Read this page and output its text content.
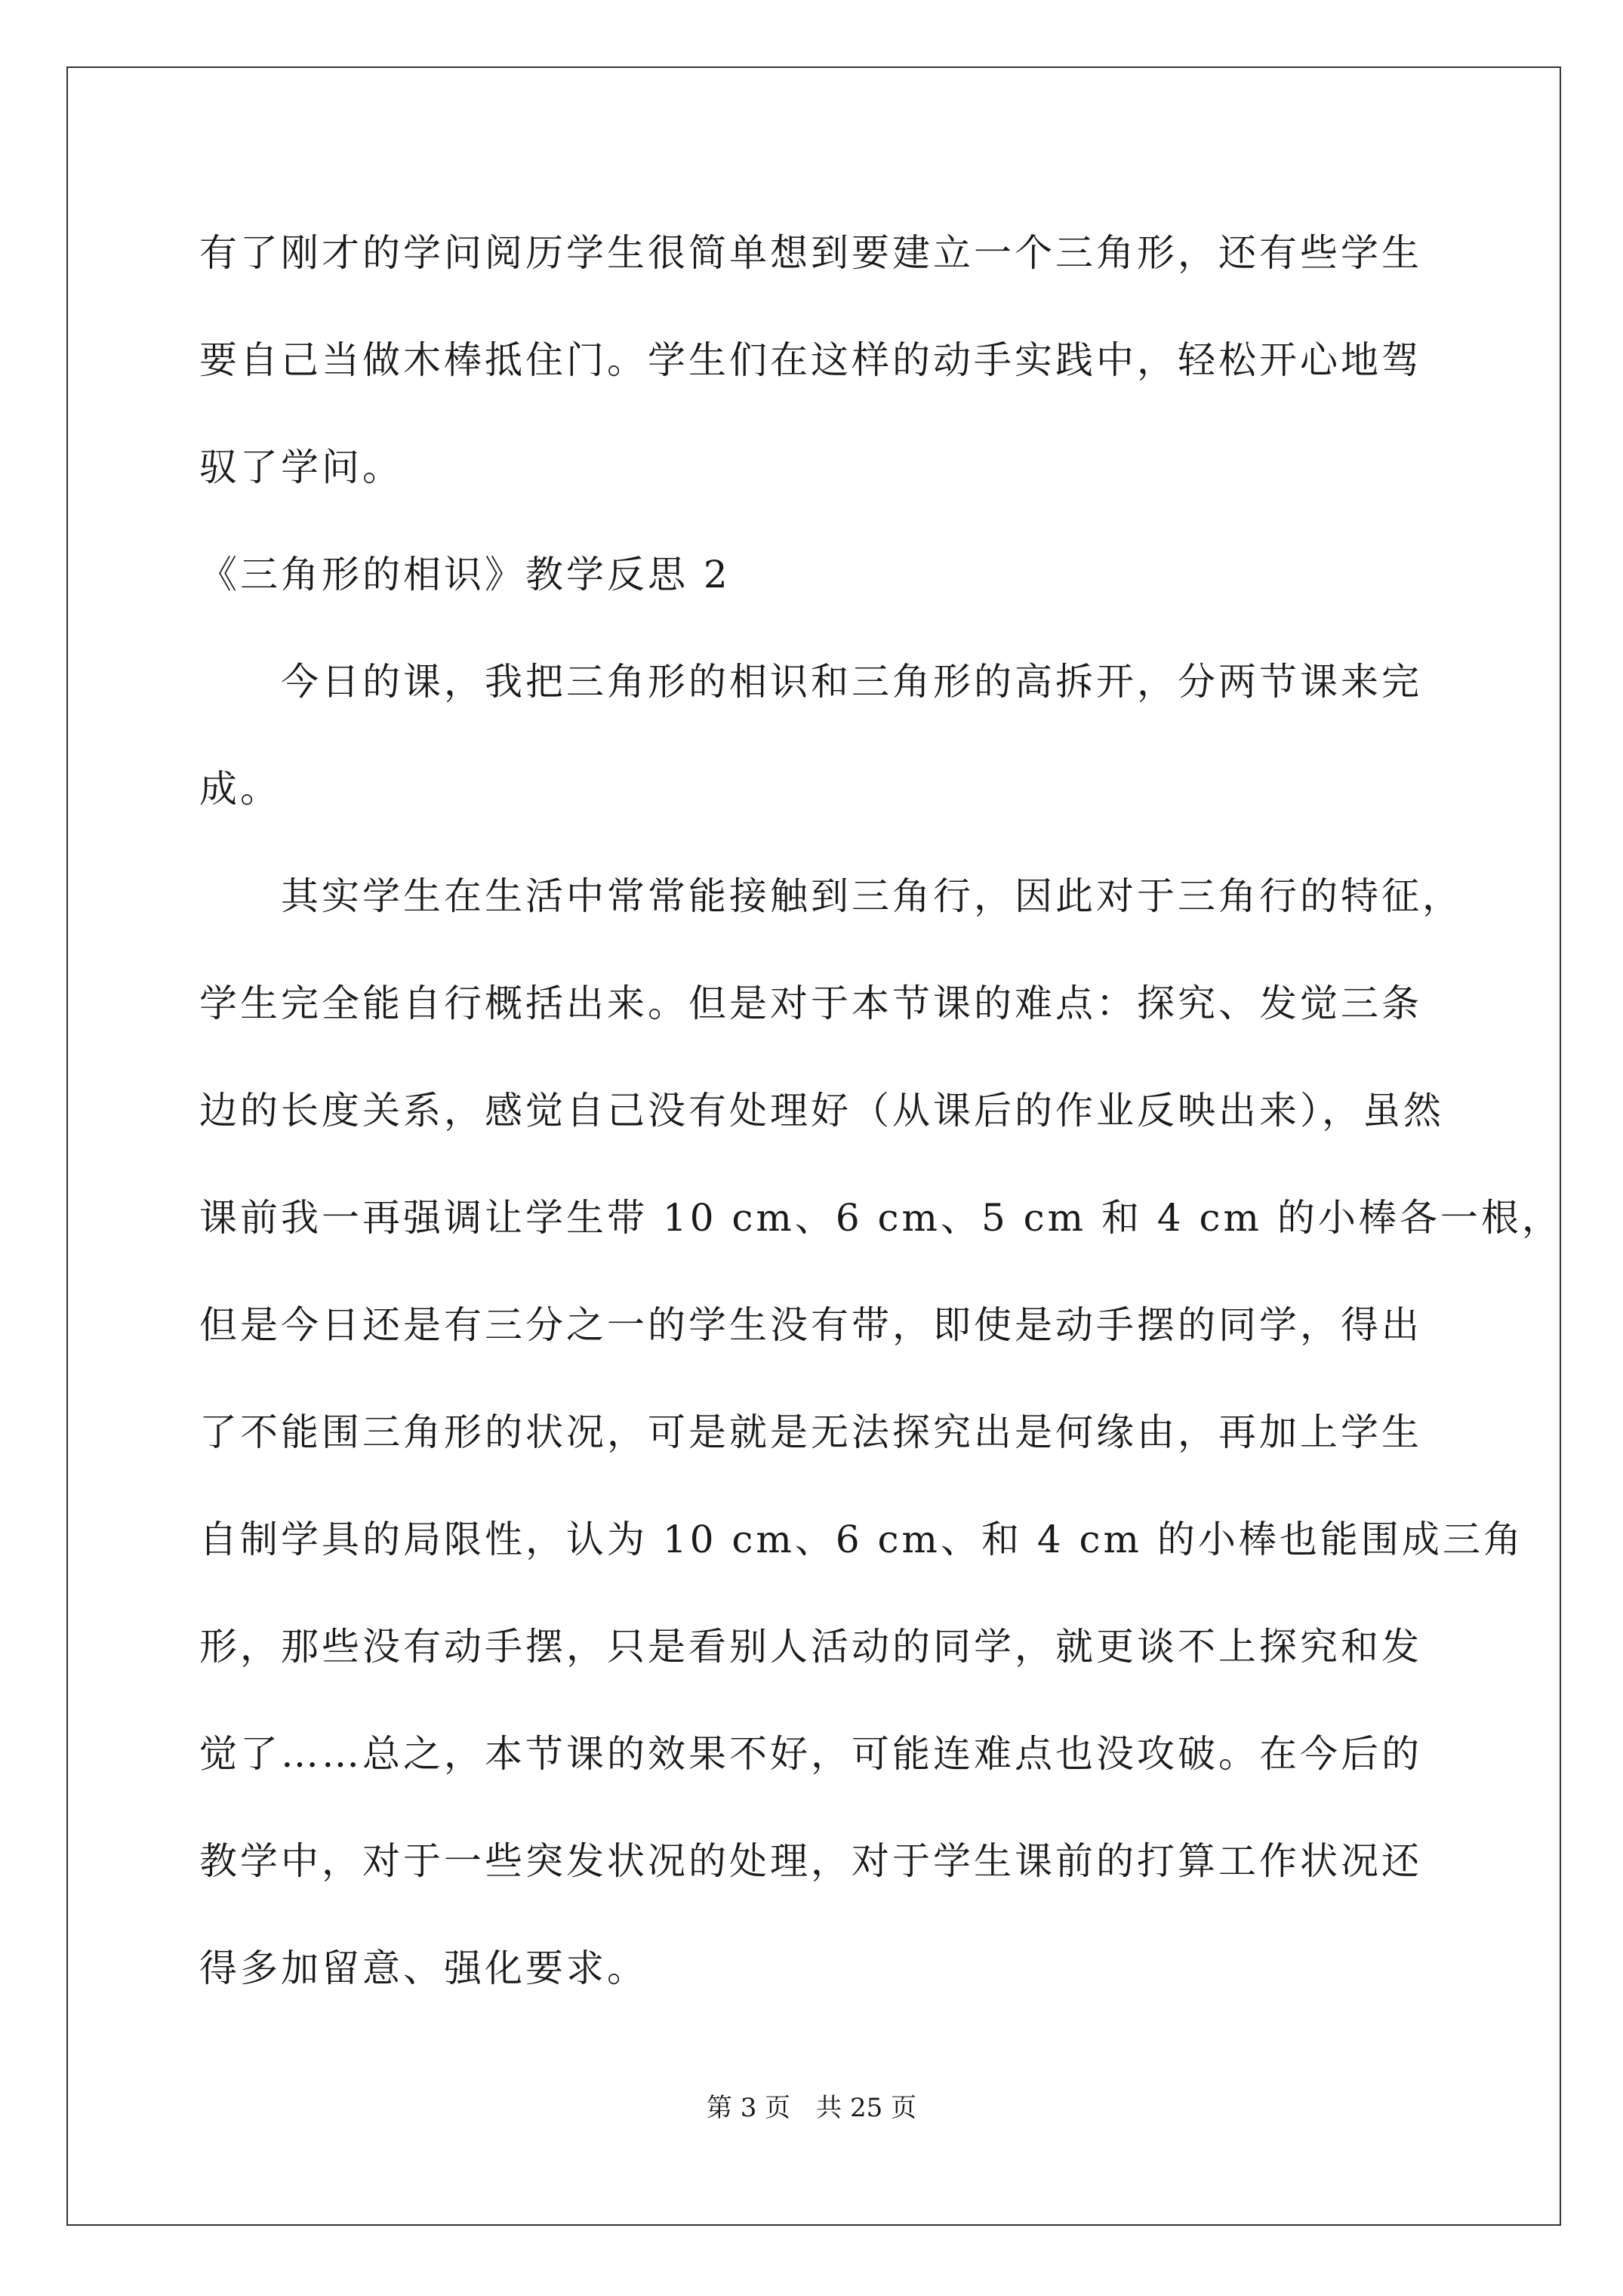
有了刚才的学问阅历学生很简单想到要建立一个三角形，还有些学生
要自己当做木棒抵住门。学生们在这样的动手实践中，轻松开心地驾
驭了学问。
《三角形的相识》教学反思 2
　　今日的课，我把三角形的相识和三角形的高拆开，分两节课来完
成。
　　其实学生在生活中常常能接触到三角行，因此对于三角行的特征，
学生完全能自行概括出来。但是对于本节课的难点：探究、发觉三条
边的长度关系，感觉自己没有处理好（从课后的作业反映出来），虽然
课前我一再强调让学生带 10 cm、6 cm、5 cm 和 4 cm 的小棒各一根，
但是今日还是有三分之一的学生没有带，即使是动手摆的同学，得出
了不能围三角形的状况，可是就是无法探究出是何缘由，再加上学生
自制学具的局限性，认为 10 cm、6 cm、和 4 cm 的小棒也能围成三角
形，那些没有动手摆，只是看别人活动的同学，就更谈不上探究和发
觉了……总之，本节课的效果不好，可能连难点也没攻破。在今后的
教学中，对于一些突发状况的处理，对于学生课前的打算工作状况还
得多加留意、强化要求。
第 3 页　共 25 页
